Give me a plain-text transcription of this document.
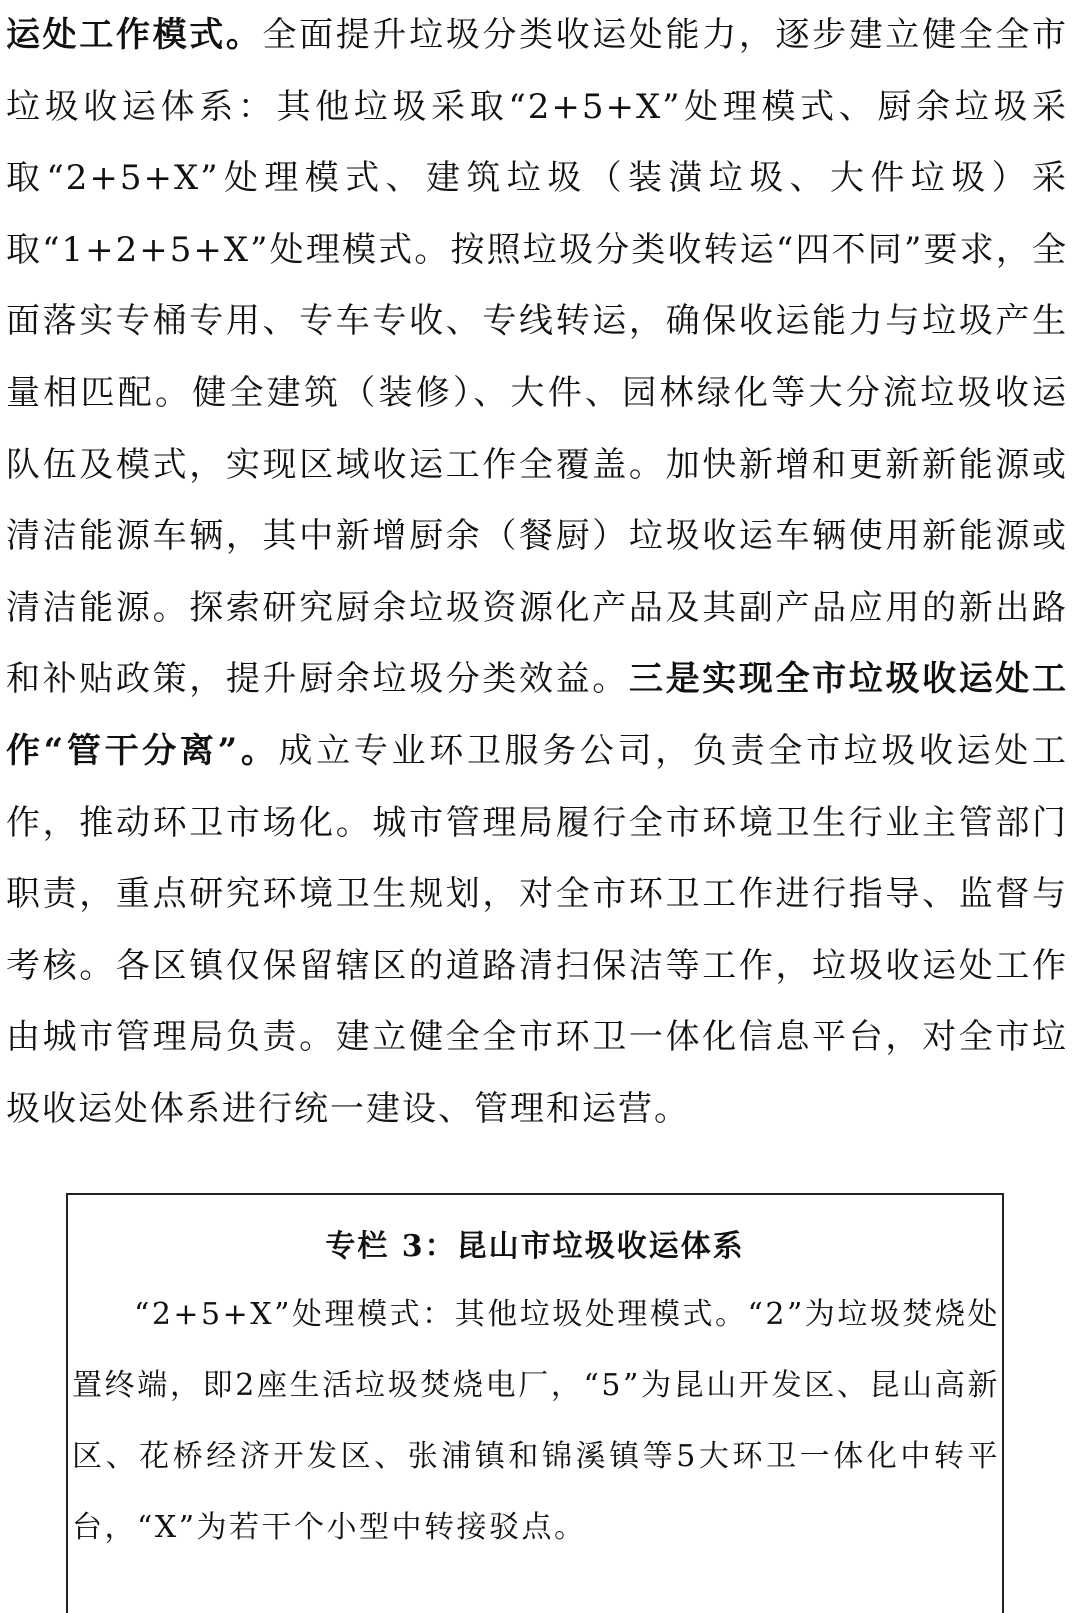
运处工作模式。全面提升垃圾分类收运处能力，逐步建立健全全市垃圾收运体系：其他垃圾采取“2+5+X”处理模式、厨余垃圾采取“2+5+X”处理模式、建筑垃圾（装潢垃圾、大件垃圾）采取“1+2+5+X”处理模式。按照垃圾分类收转运“四不同”要求，全面落实专桶专用、专车专收、专线转运，确保收运能力与垃圾产生量相匹配。健全建筑（装修）、大件、园林绿化等大分流垃圾收运队伍及模式，实现区域收运工作全覆盖。加快新增和更新新能源或清洁能源车辆，其中新增厨余（餐厨）垃圾收运车辆使用新能源或清洁能源。探索研究厨余垃圾资源化产品及其副产品应用的新出路和补贴政策，提升厨余垃圾分类效益。三是实现全市垃圾收运处工作“管干分离”。成立专业环卫服务公司，负责全市垃圾收运处工作，推动环卫市场化。城市管理局履行全市环境卫生行业主管部门职责，重点研究环境卫生规划，对全市环卫工作进行指导、监督与考核。各区镇仅保留辖区的道路清扫保洁等工作，垃圾收运处工作由城市管理局负责。建立健全全市环卫一体化信息平台，对全市垃圾收运处体系进行统一建设、管理和运营。

专栏 3：昆山市垃圾收运体系

“2+5+X”处理模式：其他垃圾处理模式。“2”为垃圾焚烧处置终端，即2座生活垃圾焚烧电厂，“5”为昆山开发区、昆山高新区、花桥经济开发区、张浦镇和锦溪镇等5大环卫一体化中转平台，“X”为若干个小型中转接驳点。
